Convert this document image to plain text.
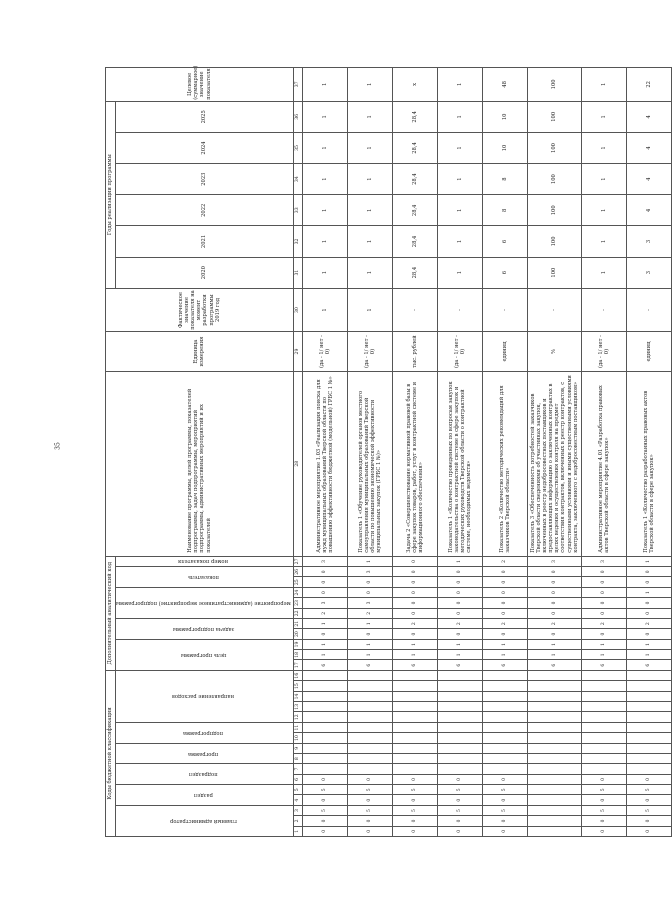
35
Коды бюджетной классификации																Дополнительный аналитический код											Наименование программы, целей программы, показателей подпрограммы, задач подпрограммы, мероприятий подпрограммы, административных мероприятий и их показателей	Единица измерения	Фактическое значение показателя на момент разработки программы 2019 год	Годы реализации программы						Целевое (суммарное) значение показателя
главный администратор			раздел		подраздел		программа		подпрограмма		направление расходов					цель программы			задача подпрограммы		мероприятие (административное мероприятие) подпрограммы			показатель		номер показателя				2020	2021	2022	2023	2024	2025	
1	2	3	4	5	6	7	8	9	10	11	12	13	14	15	16	17	18	19	20	21	22	23	24	25	26	27	28	29	30	31	32	33	34	35	36	37
0	0	5	0	5	0											6	1	1	0	1	2	3	0	0	0	3	Административное мероприятие 1.03 «Реализация поиска для нужд муниципальных образований Тверской области по повышению эффективности бюджетной (модельной) ГРБС 1 №»	(да - 1/ нет - 0)	1	1	1	1	1	1	1	1
0	0	5	0	5	0											6	1	1	0	1	2	3	0	0	3	1	Показатель 1 «Обучение руководителей органов местного самоуправления муниципальных образований Тверской области по повышению экономической эффективности муниципальных закупок (ГРБС 1 №)»	(да - 1/ нет - 0)	1	1	1	1	1	1	1	1
0	0	5	0	5	0											6	1	1	0	2	0	0	0	0	0	0	Задача 2 «Совершенствование нормативной правовой базы в сфере закупок товаров, работ, услуг в контрактной системе и информационного обеспечения»	тыс. рублей	-	28,4	28,4	28,4	28,4	28,4	28,4	x
0	0	5	0	5	0											6	1	1	0	2	0	0	0	0	0	1	Показатель 1 «Количество проведенных по вопросам закупок законодательства о контрактной системе в сфере закупок и методических руководств Тверской области о контрактной системе, необходимых ведомств»	(да - 1/ нет - 0)	-	1	1	1	1	1	1	1
0	0	5	0	5	0											6	1	1	0	2	0	0	0	0	0	2	Показатель 2 «Количество методических рекомендаций для заказчиков Тверской области»	единиц	-	6	6	8	8	10	10	48
																6	1	1	0	2	0	0	0	0	0	3	Показатель 3 «Обеспеченность потребностей заказчиков Тверской области сведениями об участниках закупок, включенных в реестр недобросовестных поставщиков и предоставляющих информацию о заключенных контрактах в целях ведения и осуществления контроля на предмет соответствия контрактов, включенных в реестр контрактов, с существенными условиями и иными существенными условиями контракта, заключенного с недобросовестным поставщиком»	%	-	100	100	100	100	100	100	100
0	0	5	0	5	0											6	1	1	0	2	0	0	0	0	0	3	Административное мероприятие 4.01 «Разработка правовых актов Тверской области в сфере закупок»	(да - 1/ нет - 0)	-	1	1	1	1	1	1	1
0	0	5	0	5	0											6	1	1	0	2	0	0	1	0	0	1	Показатель 1 «Количество разработанных правовых актов Тверской области в сфере закупок»	единиц	-	3	3	4	4	4	4	22
